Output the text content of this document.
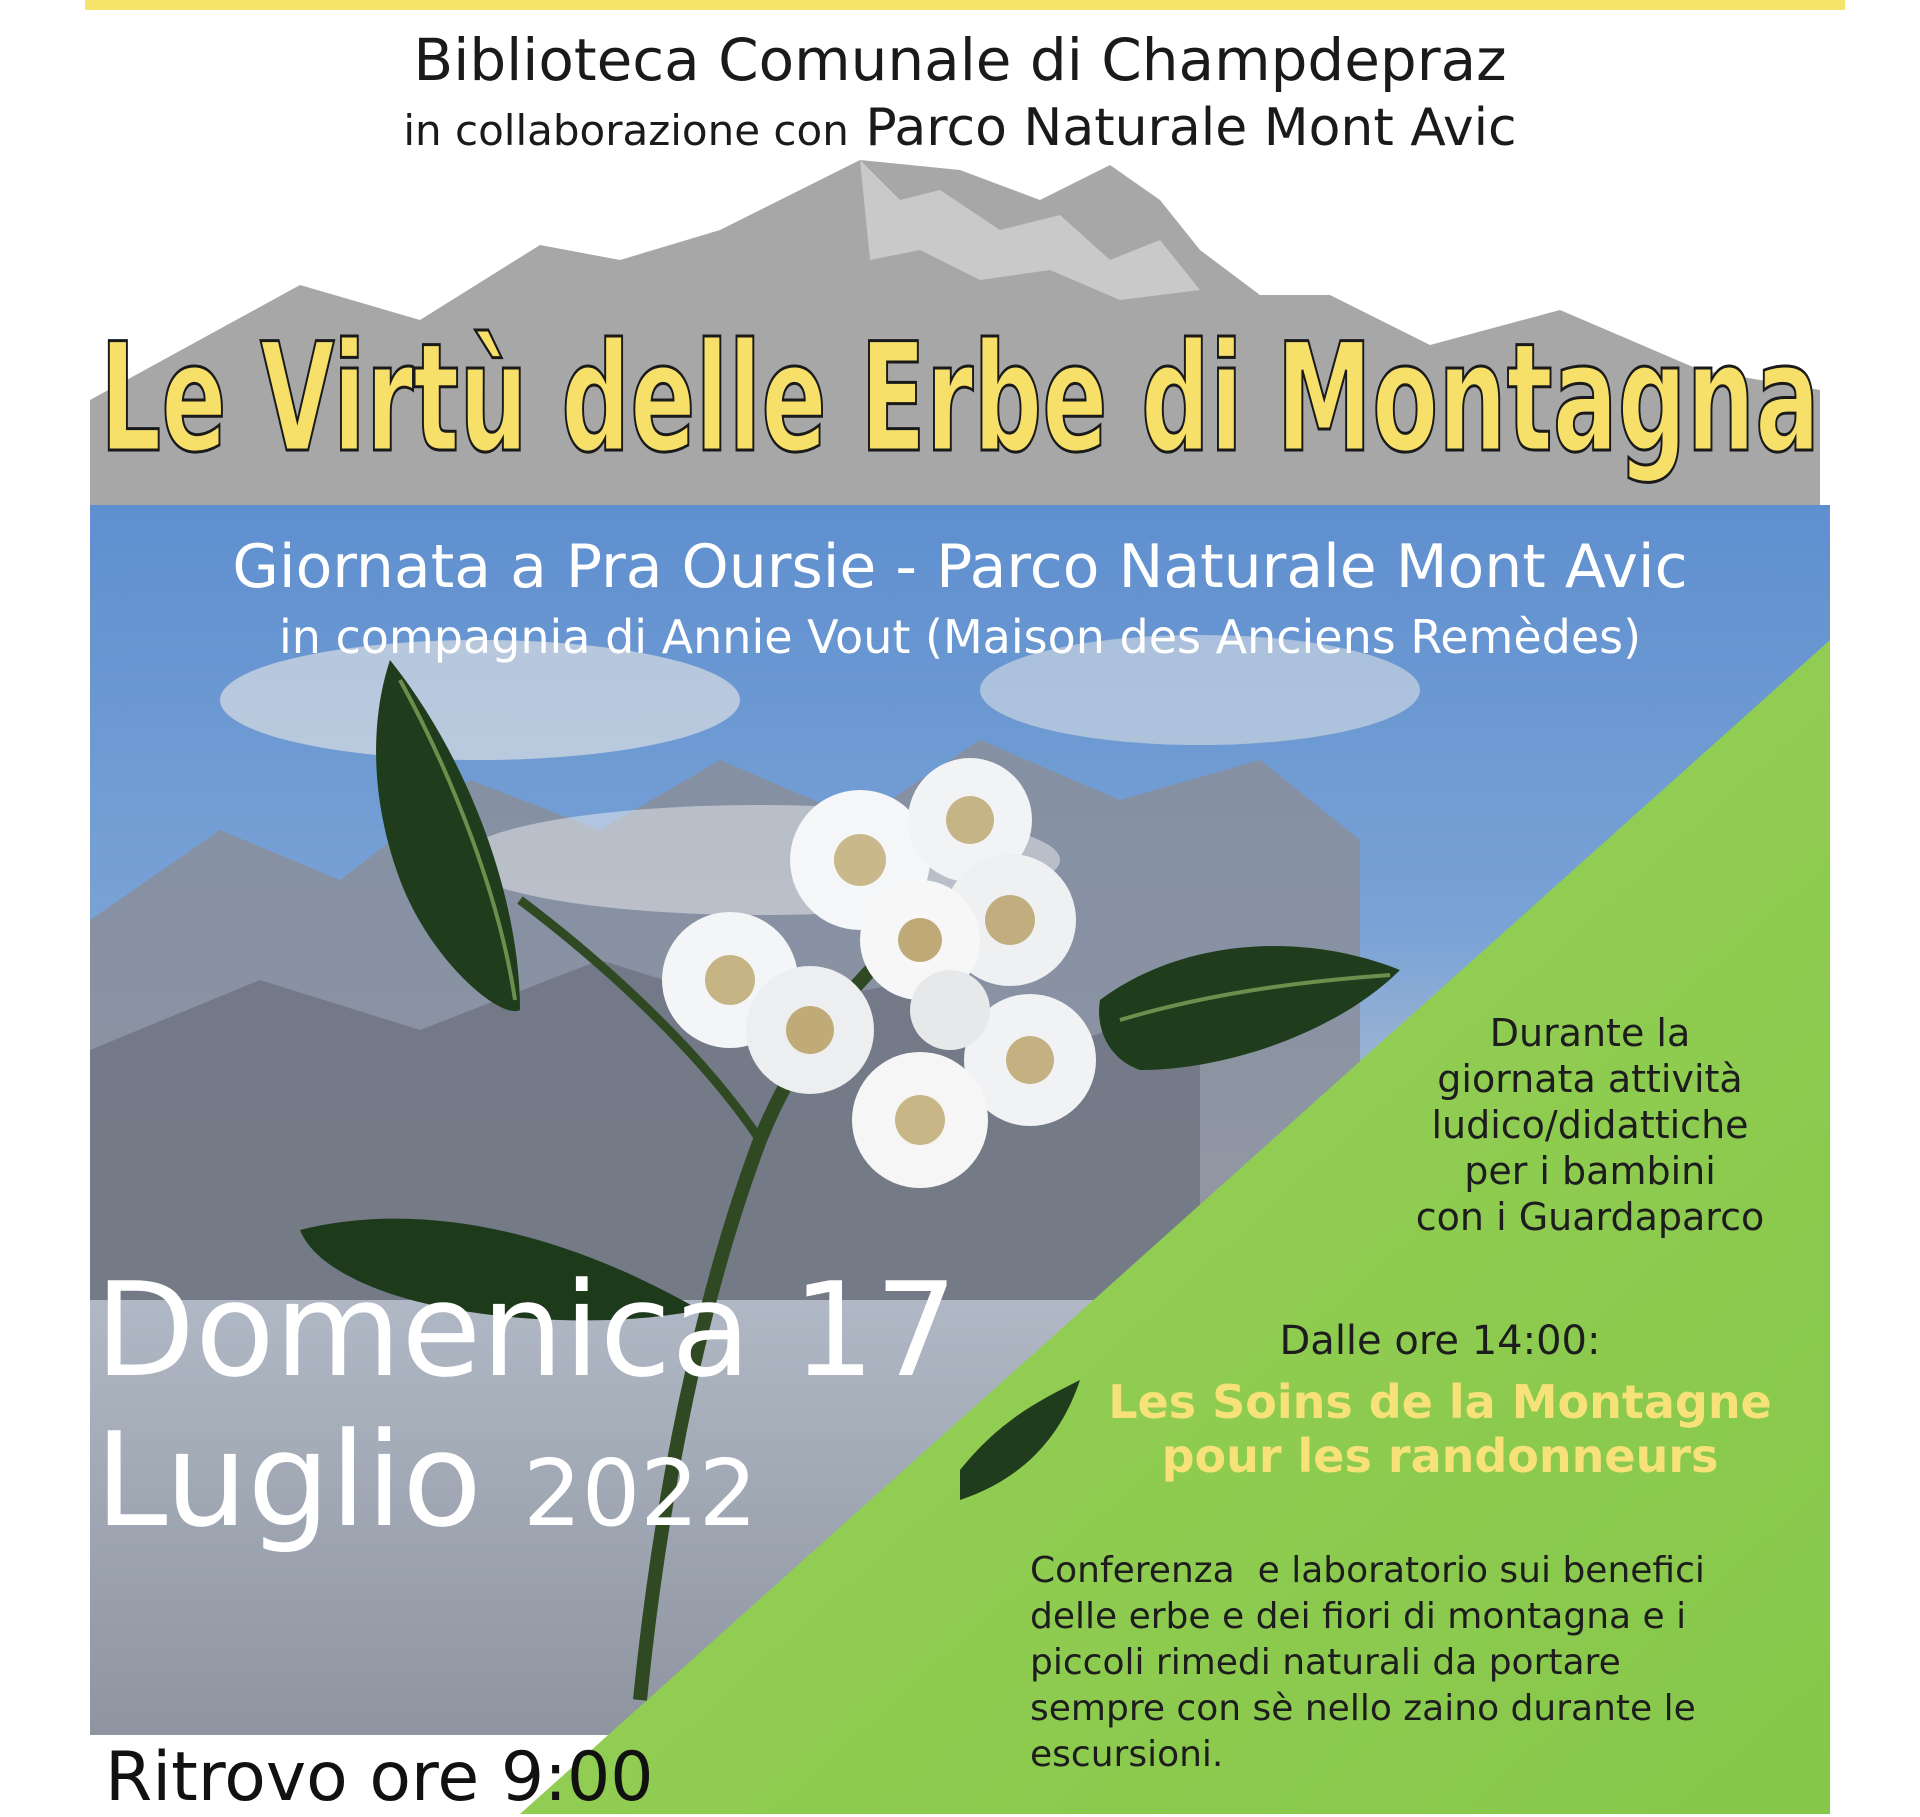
Biblioteca Comunale di Champdepraz
in collaborazione con Parco Naturale Mont Avic
Le Virtù delle Erbe di Montagna
Giornata a Pra Oursie - Parco Naturale Mont Avic
in compagnia di Annie Vout (Maison des Anciens Remèdes)
Domenica 17
Luglio 2022
Durante la
giornata attività
ludico/didattiche
per i bambini
con i Guardaparco
Dalle ore 14:00:
Les Soins de la Montagne
pour les randonneurs
Conferenza  e laboratorio sui benefici
delle erbe e dei fiori di montagna e i
piccoli rimedi naturali da portare
sempre con sè nello zaino durante le
escursioni.
Ritrovo ore 9:00
